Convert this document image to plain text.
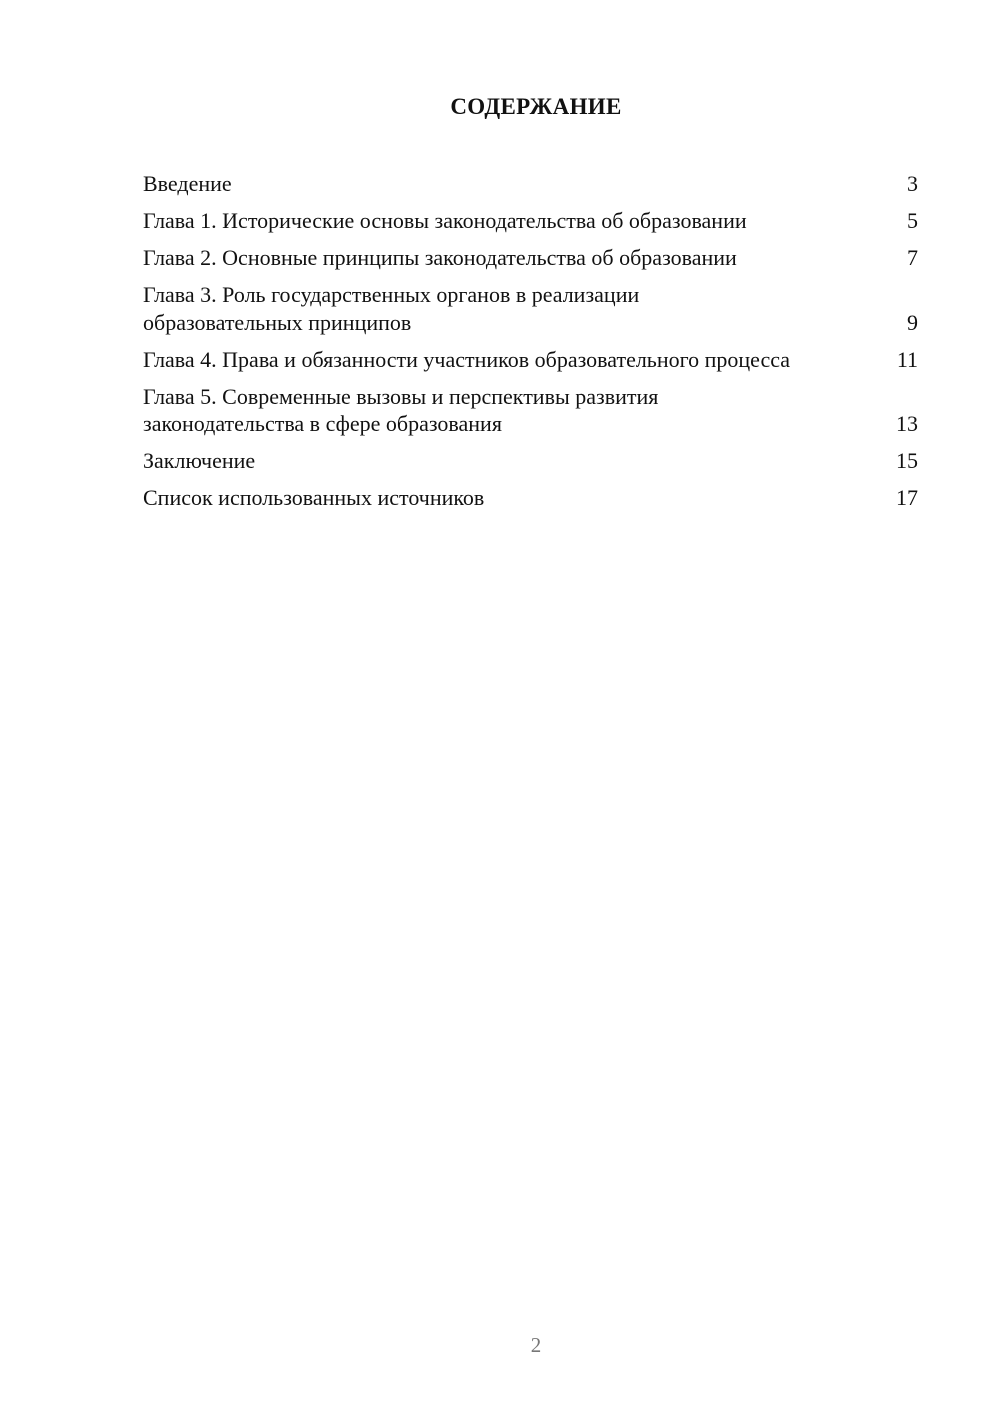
СОДЕРЖАНИЕ
Введение	3
Глава 1. Исторические основы законодательства об образовании	5
Глава 2. Основные принципы законодательства об образовании	7
Глава 3. Роль государственных органов в реализации образовательных принципов	9
Глава 4. Права и обязанности участников образовательного процесса	11
Глава 5. Современные вызовы и перспективы развития законодательства в сфере образования	13
Заключение	15
Список использованных источников	17
2
